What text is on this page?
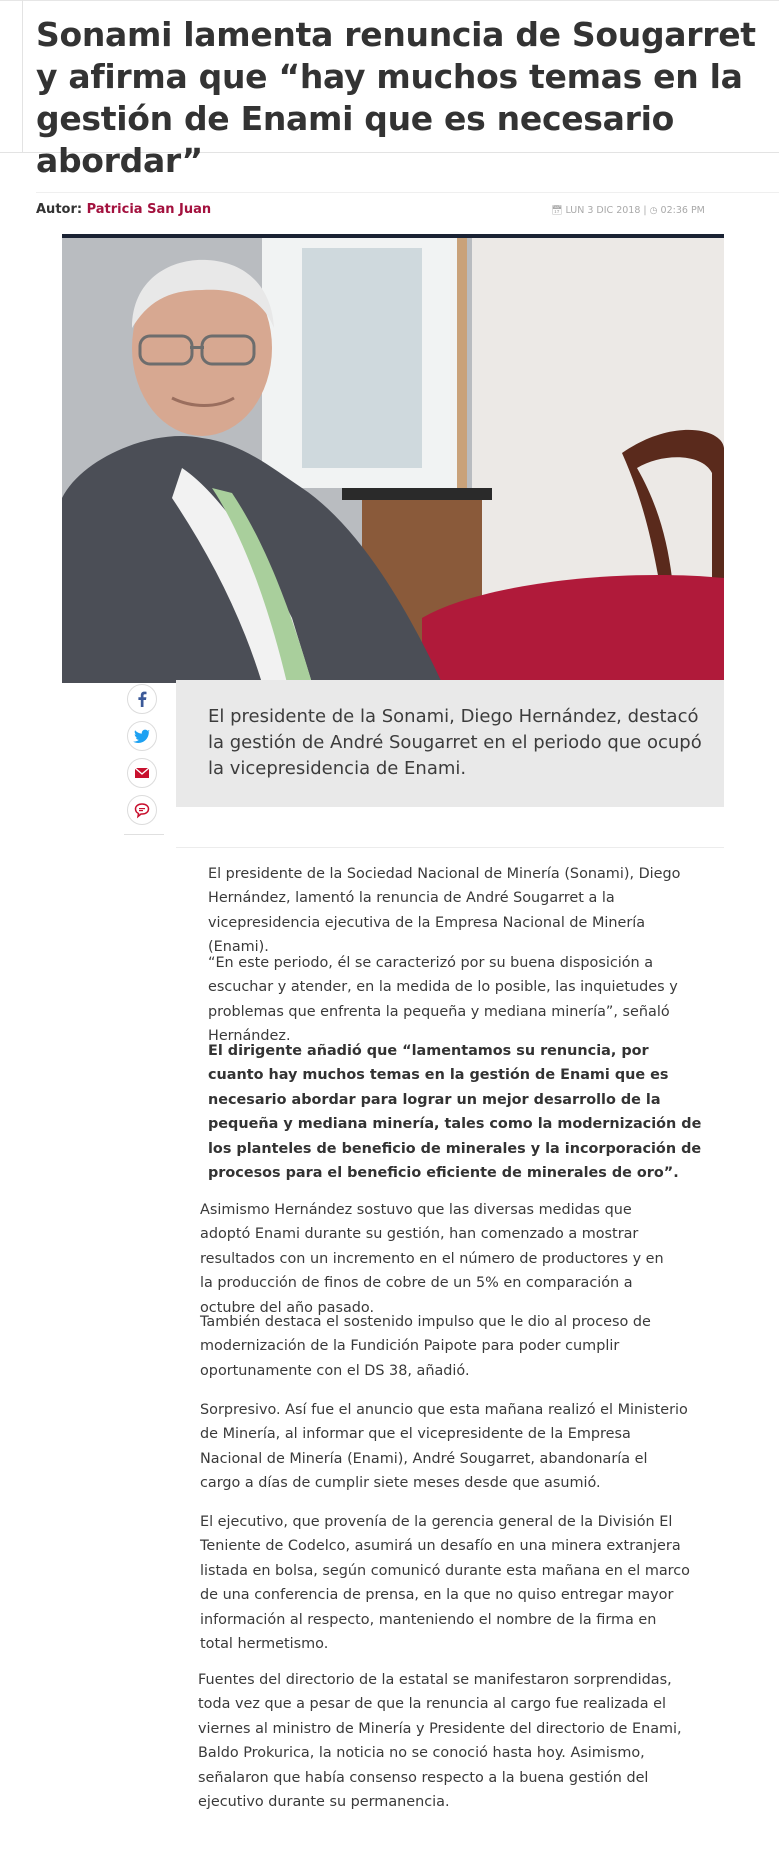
Sonami lamenta renuncia de Sougarret y afirma que “hay muchos temas en la gestión de Enami que es necesario abordar”
Autor: Patricia San Juan	📅︎ LUN 3 DIC 2018 | ◷ 02:36 PM

El presidente de la Sonami, Diego Hernández, destacó la gestión de André Sougarret en el periodo que ocupó la vicepresidencia de Enami.

El presidente de la Sociedad Nacional de Minería (Sonami), Diego Hernández, lamentó la renuncia de André Sougarret a la vicepresidencia ejecutiva de la Empresa Nacional de Minería (Enami).

“En este periodo, él se caracterizó por su buena disposición a escuchar y atender, en la medida de lo posible, las inquietudes y problemas que enfrenta la pequeña y mediana minería”, señaló Hernández.

El dirigente añadió que “lamentamos su renuncia, por cuanto hay muchos temas en la gestión de Enami que es necesario abordar para lograr un mejor desarrollo de la pequeña y mediana minería, tales como la modernización de los planteles de beneficio de minerales y la incorporación de procesos para el beneficio eficiente de minerales de oro”.

Asimismo Hernández sostuvo que las diversas medidas que adoptó Enami durante su gestión, han comenzado a mostrar resultados con un incremento en el número de productores y en la producción de finos de cobre de un 5% en comparación a octubre del año pasado.

También destaca el sostenido impulso que le dio al proceso de modernización de la Fundición Paipote para poder cumplir oportunamente con el DS 38, añadió.

Sorpresivo. Así fue el anuncio que esta mañana realizó el Ministerio de Minería, al informar que el vicepresidente de la Empresa Nacional de Minería (Enami), André Sougarret, abandonaría el cargo a días de cumplir siete meses desde que asumió.

El ejecutivo, que provenía de la gerencia general de la División El Teniente de Codelco, asumirá un desafío en una minera extranjera listada en bolsa, según comunicó durante esta mañana en el marco de una conferencia de prensa, en la que no quiso entregar mayor información al respecto, manteniendo el nombre de la firma en total hermetismo.

Fuentes del directorio de la estatal se manifestaron sorprendidas, toda vez que a pesar de que la renuncia al cargo fue realizada el viernes al ministro de Minería y Presidente del directorio de Enami, Baldo Prokurica, la noticia no se conoció hasta hoy. Asimismo, señalaron que había consenso respecto a la buena gestión del ejecutivo durante su permanencia.
